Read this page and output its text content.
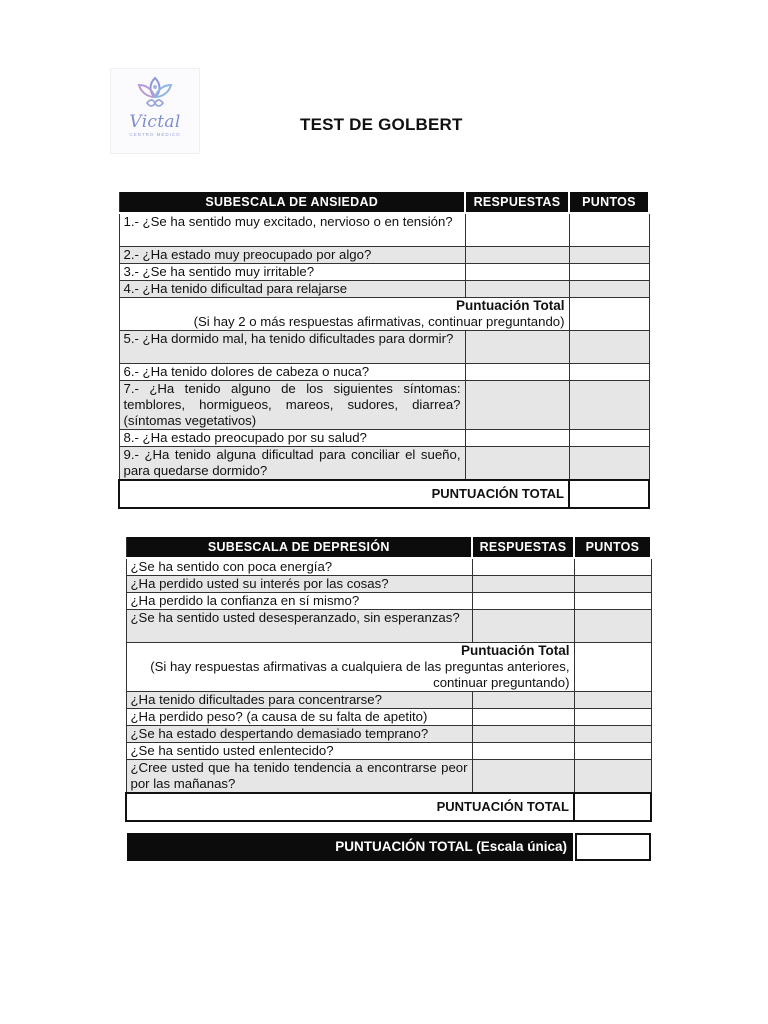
Victal
CENTRO MÉDICO
TEST DE GOLBERT
SUBESCALA DE ANSIEDAD	RESPUESTAS	PUNTOS
1.- ¿Se ha sentido muy excitado, nervioso o en tensión?		
2.- ¿Ha estado muy preocupado por algo?		
3.- ¿Se ha sentido muy irritable?		
4.- ¿Ha tenido dificultad para relajarse		

Puntuación Total
(Si hay 2 o más respuestas afirmativas, continuar preguntando)		
5.- ¿Ha dormido mal, ha tenido dificultades para dormir?		
6.- ¿Ha tenido dolores de cabeza o nuca?		
7.- ¿Ha tenido alguno de los siguientes síntomas: temblores, hormigueos, mareos, sudores, diarrea? (síntomas vegetativos)		
8.- ¿Ha estado preocupado por su salud?		
9.- ¿Ha tenido alguna dificultad para conciliar el sueño, para quedarse dormido?		
PUNTUACIÓN TOTAL		
SUBESCALA DE DEPRESIÓN	RESPUESTAS	PUNTOS
¿Se ha sentido con poca energía?		
¿Ha perdido usted su interés por las cosas?		
¿Ha perdido la confianza en sí mismo?		
¿Se ha sentido usted desesperanzado, sin esperanzas?		

Puntuación Total
(Si hay respuestas afirmativas a cualquiera de las preguntas anteriores, continuar preguntando)		
¿Ha tenido dificultades para concentrarse?		
¿Ha perdido peso? (a causa de su falta de apetito)		
¿Se ha estado despertando demasiado temprano?		
¿Se ha sentido usted enlentecido?		
¿Cree usted que ha tenido tendencia a encontrarse peor por las mañanas?		
PUNTUACIÓN TOTAL		
PUNTUACIÓN TOTAL (Escala única)
